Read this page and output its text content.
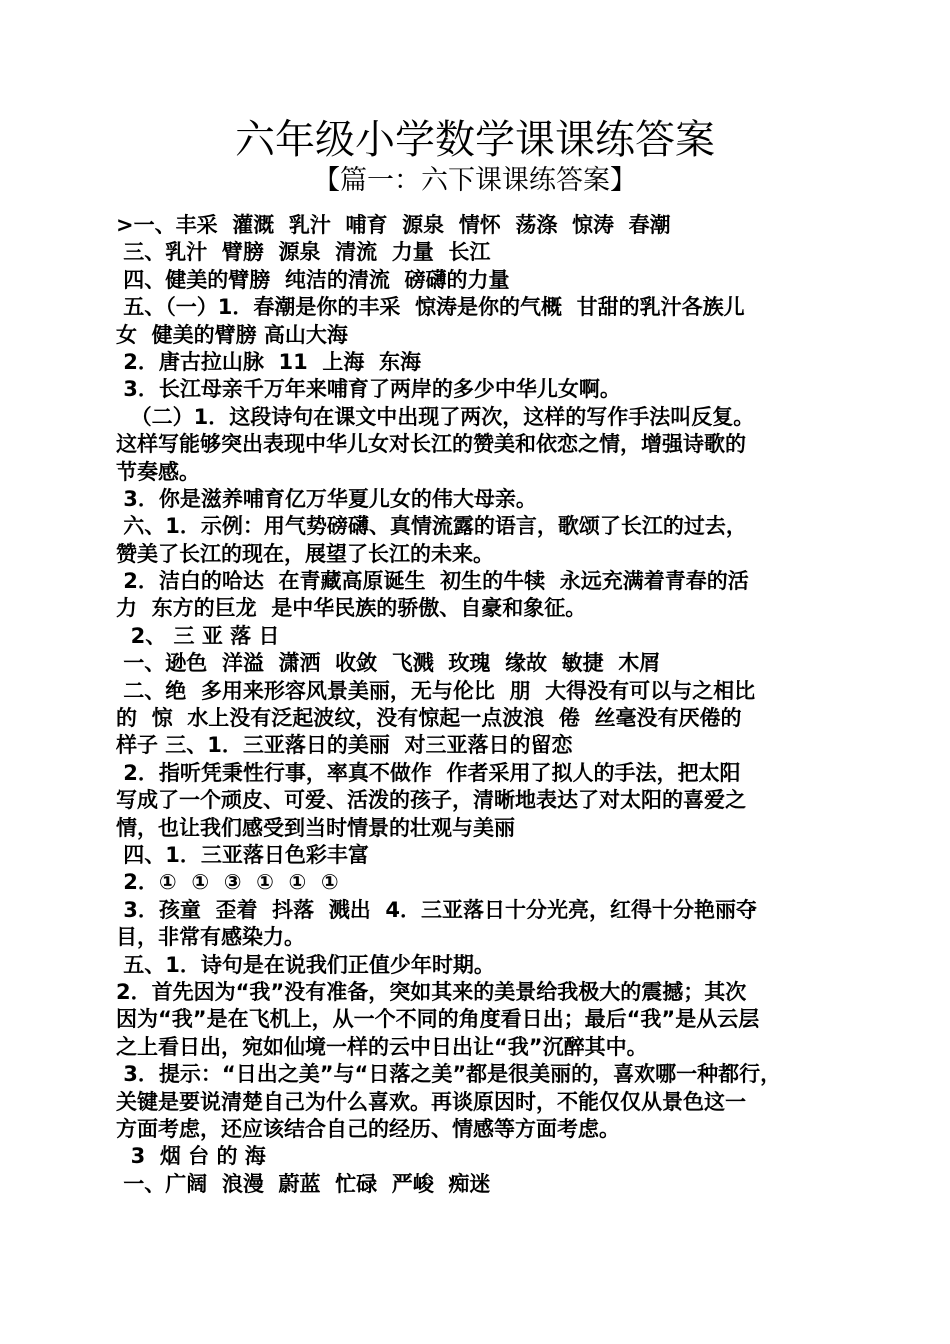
六年级小学数学课课练答案
【篇一：六下课课练答案】
>一、丰采  灌溉  乳汁  哺育  源泉  情怀  荡涤  惊涛  春潮
三、乳汁  臂膀  源泉  清流  力量  长江
四、健美的臂膀  纯洁的清流  磅礴的力量
五、（一）1．春潮是你的丰采  惊涛是你的气概  甘甜的乳汁各族儿
女  健美的臂膀 高山大海
2．唐古拉山脉  11  上海  东海
3．长江母亲千万年来哺育了两岸的多少中华儿女啊。
（二）1．这段诗句在课文中出现了两次，这样的写作手法叫反复。
这样写能够突出表现中华儿女对长江的赞美和依恋之情，增强诗歌的
节奏感。
3．你是滋养哺育亿万华夏儿女的伟大母亲。
六、1．示例：用气势磅礴、真情流露的语言，歌颂了长江的过去，
赞美了长江的现在，展望了长江的未来。
2．洁白的哈达  在青藏高原诞生  初生的牛犊  永远充满着青春的活
力  东方的巨龙  是中华民族的骄傲、自豪和象征。
2、 三 亚 落 日
一、逊色  洋溢  潇洒  收敛  飞溅  玫瑰  缘故  敏捷  木屑
二、绝  多用来形容风景美丽，无与伦比  朋  大得没有可以与之相比
的  惊  水上没有泛起波纹，没有惊起一点波浪  倦  丝毫没有厌倦的
样子 三、1．三亚落日的美丽  对三亚落日的留恋
2．指听凭秉性行事，率真不做作  作者采用了拟人的手法，把太阳
写成了一个顽皮、可爱、活泼的孩子，清晰地表达了对太阳的喜爱之
情，也让我们感受到当时情景的壮观与美丽
四、1．三亚落日色彩丰富
2．①  ①  ③  ①  ①  ①
3．孩童  歪着  抖落  溅出  4．三亚落日十分光亮，红得十分艳丽夺
目，非常有感染力。
五、1．诗句是在说我们正值少年时期。
2．首先因为“我”没有准备，突如其来的美景给我极大的震撼；其次
因为“我”是在飞机上，从一个不同的角度看日出；最后“我”是从云层
之上看日出，宛如仙境一样的云中日出让“我”沉醉其中。
3．提示：“日出之美”与“日落之美”都是很美丽的，喜欢哪一种都行，
关键是要说清楚自己为什么喜欢。再谈原因时，不能仅仅从景色这一
方面考虑，还应该结合自己的经历、情感等方面考虑。
3  烟 台 的 海
一、广阔  浪漫  蔚蓝  忙碌  严峻  痴迷
